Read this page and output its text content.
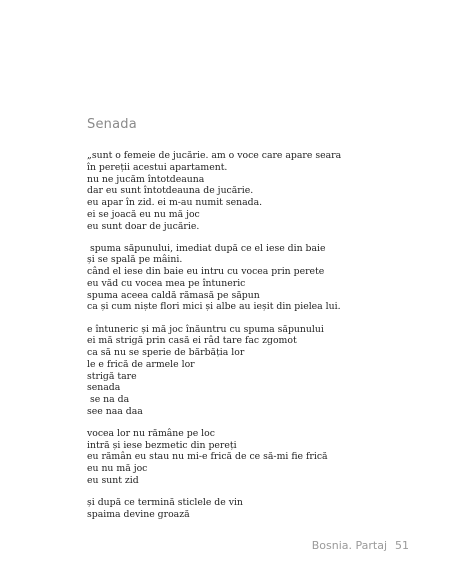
Senada
„sunt o femeie de jucărie. am o voce care apare seara
în pereții acestui apartament.
nu ne jucăm întotdeauna
dar eu sunt întotdeauna de jucărie.
eu apar în zid. ei m-au numit senada.
ei se joacă eu nu mă joc
eu sunt doar de jucărie.
spuma săpunului, imediat după ce el iese din baie
și se spală pe mâini.
când el iese din baie eu intru cu vocea prin perete
eu văd cu vocea mea pe întuneric
spuma aceea caldă rămasă pe săpun
ca și cum niște flori mici și albe au ieșit din pielea lui.
e întuneric și mă joc înăuntru cu spuma săpunului
ei mă strigă prin casă ei râd tare fac zgomot
ca să nu se sperie de bărbăția lor
le e frică de armele lor
strigă tare
senada
se na da
see naa daa
vocea lor nu rămâne pe loc
intră și iese bezmetic din pereți
eu rămân eu stau nu mi-e frică de ce să-mi fie frică
eu nu mă joc
eu sunt zid
și după ce termină sticlele de vin
spaima devine groază
Bosnia. Partaj 51
